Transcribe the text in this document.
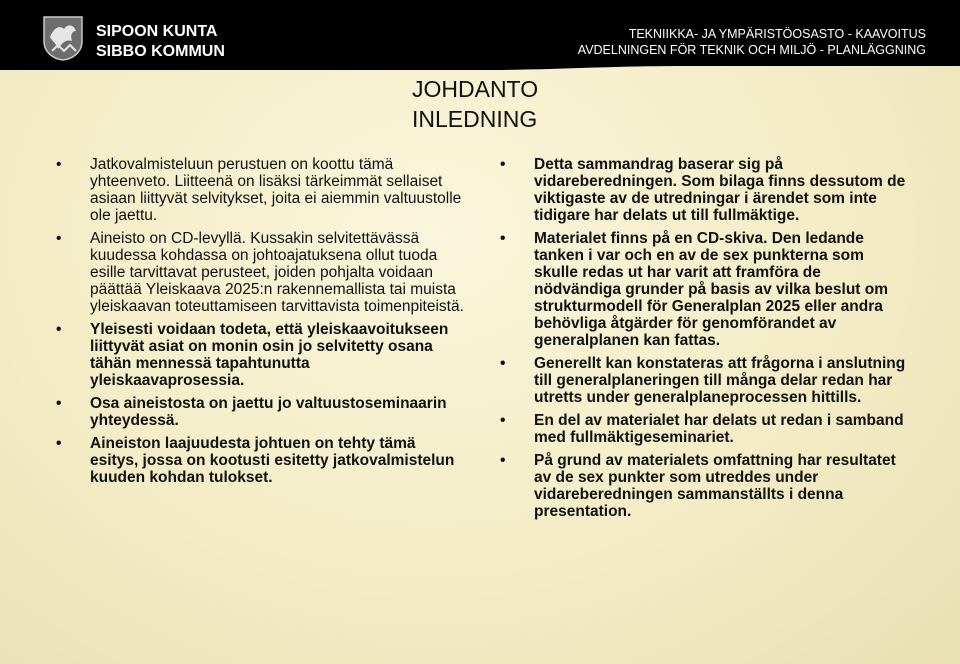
SIPOON KUNTA
SIBBO KOMMUN
TEKNIIKKA- JA YMPÄRISTÖOSASTO - KAAVOITUS
AVDELNINGEN FÖR TEKNIK OCH MILJÖ - PLANLÄGGNING
JOHDANTO
INLEDNING
•
Jatkovalmisteluun perustuen on koottu tämä yhteenveto. Liitteenä on lisäksi tärkeimmät sellaiset asiaan liittyvät selvitykset, joita ei aiemmin valtuustolle ole jaettu.
•
Aineisto on CD-levyllä. Kussakin selvitettävässä kuudessa kohdassa on johtoajatuksena ollut tuoda esille tarvittavat perusteet, joiden pohjalta voidaan päättää Yleiskaava 2025:n rakennemallista tai muista yleiskaavan toteuttamiseen tarvittavista toimenpiteistä.
•
Yleisesti voidaan todeta, että yleiskaavoitukseen liittyvät asiat on monin osin jo selvitetty osana tähän mennessä tapahtunutta yleiskaavaprosessia.
•
Osa aineistosta on jaettu jo valtuustoseminaarin yhteydessä.
•
Aineiston laajuudesta johtuen on tehty tämä esitys, jossa on kootusti esitetty jatkovalmistelun kuuden kohdan tulokset.
•
Detta sammandrag baserar sig på vidareberedningen. Som bilaga finns dessutom de viktigaste av de utredningar i ärendet som inte tidigare har delats ut till fullmäktige.
•
Materialet finns på en CD-skiva. Den ledande tanken i var och en av de sex punkterna som skulle redas ut har varit att framföra de nödvändiga grunder på basis av vilka beslut om strukturmodell för Generalplan 2025 eller andra behövliga åtgärder för genomförandet av generalplanen kan fattas.
•
Generellt kan konstateras att frågorna i anslutning till generalplaneringen till många delar redan har utretts under generalplaneprocessen hittills.
•
En del av materialet har delats ut redan i samband med fullmäktigeseminariet.
•
På grund av materialets omfattning har resultatet av de sex punkter som utreddes under vidareberedningen sammanställts i denna presentation.
